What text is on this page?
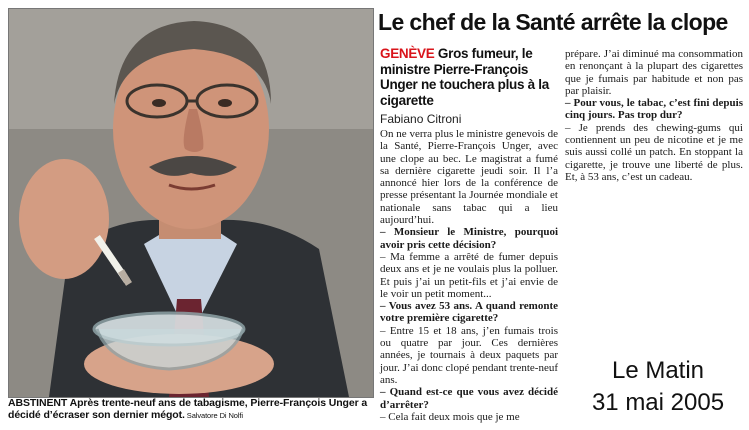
ABSTINENT Après trente-neuf ans de tabagisme, Pierre-François Unger a décidé d’écraser son dernier mégot. Salvatore Di Nolfi
Le chef de la Santé arrête la clope
GENÈVE Gros fumeur, le ministre Pierre-François Unger ne touchera plus à la cigarette
Fabiano Citroni

On ne verra plus le ministre genevois de la Santé, Pierre-François Unger, avec une clope au bec. Le magistrat a fumé sa dernière cigarette jeudi soir. Il l’a annoncé hier lors de la conférence de presse présentant la Journée mondiale et nationale sans tabac qui a lieu aujourd’hui.

– Monsieur le Ministre, pourquoi avoir pris cette décision?

– Ma femme a arrêté de fumer depuis deux ans et je ne voulais plus la polluer. Et puis j’ai un petit-fils et j’ai envie de le voir un petit moment...

– Vous avez 53 ans. A quand remonte votre première cigarette?

– Entre 15 et 18 ans, j’en fumais trois ou quatre par jour. Ces dernières années, je tournais à deux paquets par jour. J’ai donc clopé pendant trente-neuf ans.

– Quand est-ce que vous avez décidé d’arrêter?

– Cela fait deux mois que je me

prépare. J’ai diminué ma consommation en renonçant à la plupart des cigarettes que je fumais par habitude et non pas par plaisir.

– Pour vous, le tabac, c’est fini depuis cinq jours. Pas trop dur?

– Je prends des chewing-gums qui contiennent un peu de nicotine et je me suis aussi collé un patch. En stoppant la cigarette, je trouve une liberté de plus. Et, à 53 ans, c’est un cadeau.

Le Matin
31 mai 2005
